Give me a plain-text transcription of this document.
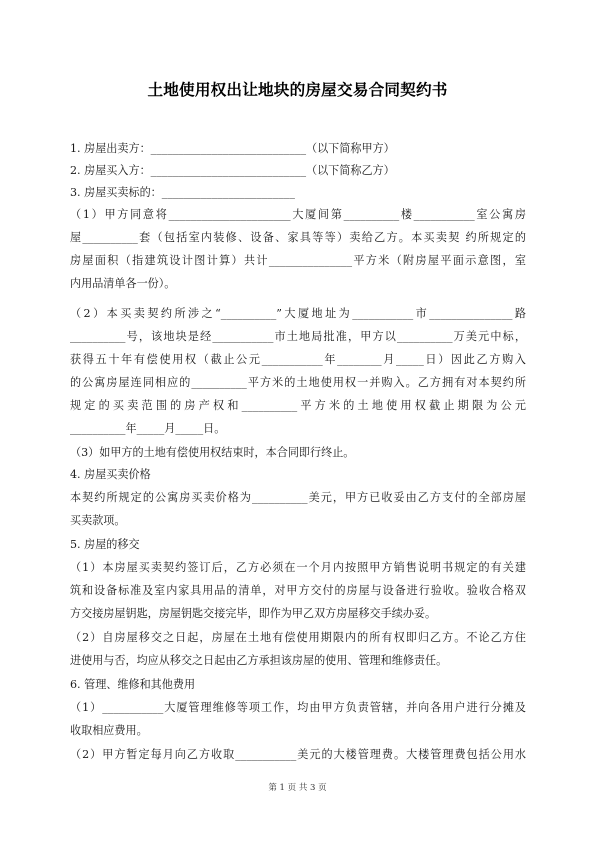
土地使用权出让地块的房屋交易合同契约书
1. 房屋出卖方：____________________________（以下简称甲方）
2. 房屋买入方：____________________________（以下简称乙方）
3. 房屋买卖标的：________________________
（1）甲方同意将______________________大厦间第__________楼___________室公寓房
屋__________套（包括室内装修、设备、家具等等）卖给乙方。本买卖契 约所规定的
房屋面积（指建筑设计图计算）共计_______________平方米（附房屋平面示意图，室
内用品清单各一份）。
（2）本买卖契约所涉之“__________”大厦地址为___________市_______________路
__________号，该地块是经___________市土地局批准，甲方以__________万美元中标，
获得五十年有偿使用权（截止公元___________年________月_____日）因此乙方购入
的公寓房屋连同相应的__________平方米的土地使用权一并购入。乙方拥有对本契约所
规定的买卖范围的房产权和__________平方米的土地使用权截止期限为公元
__________年_____月_____日。
（3）如甲方的土地有偿使用权结束时，本合同即行终止。
4. 房屋买卖价格
本契约所规定的公寓房买卖价格为__________美元，甲方已收妥由乙方支付的全部房屋
买卖款项。
5. 房屋的移交
（1）本房屋买卖契约签订后，乙方必须在一个月内按照甲方销售说明书规定的有关建
筑和设备标准及室内家具用品的清单，对甲方交付的房屋与设备进行验收。验收合格双
方交接房屋钥匙，房屋钥匙交接完毕，即作为甲乙双方房屋移交手续办妥。
（2）自房屋移交之日起，房屋在土地有偿使用期限内的所有权即归乙方。不论乙方住
进使用与否，均应从移交之日起由乙方承担该房屋的使用、管理和维修责任。
6. 管理、维修和其他费用
（1）___________大厦管理维修等项工作，均由甲方负责管辖，并向各用户进行分摊及
收取相应费用。
（2）甲方暂定每月向乙方收取___________美元的大楼管理费。大楼管理费包括公用水
第 1 页 共 3 页
